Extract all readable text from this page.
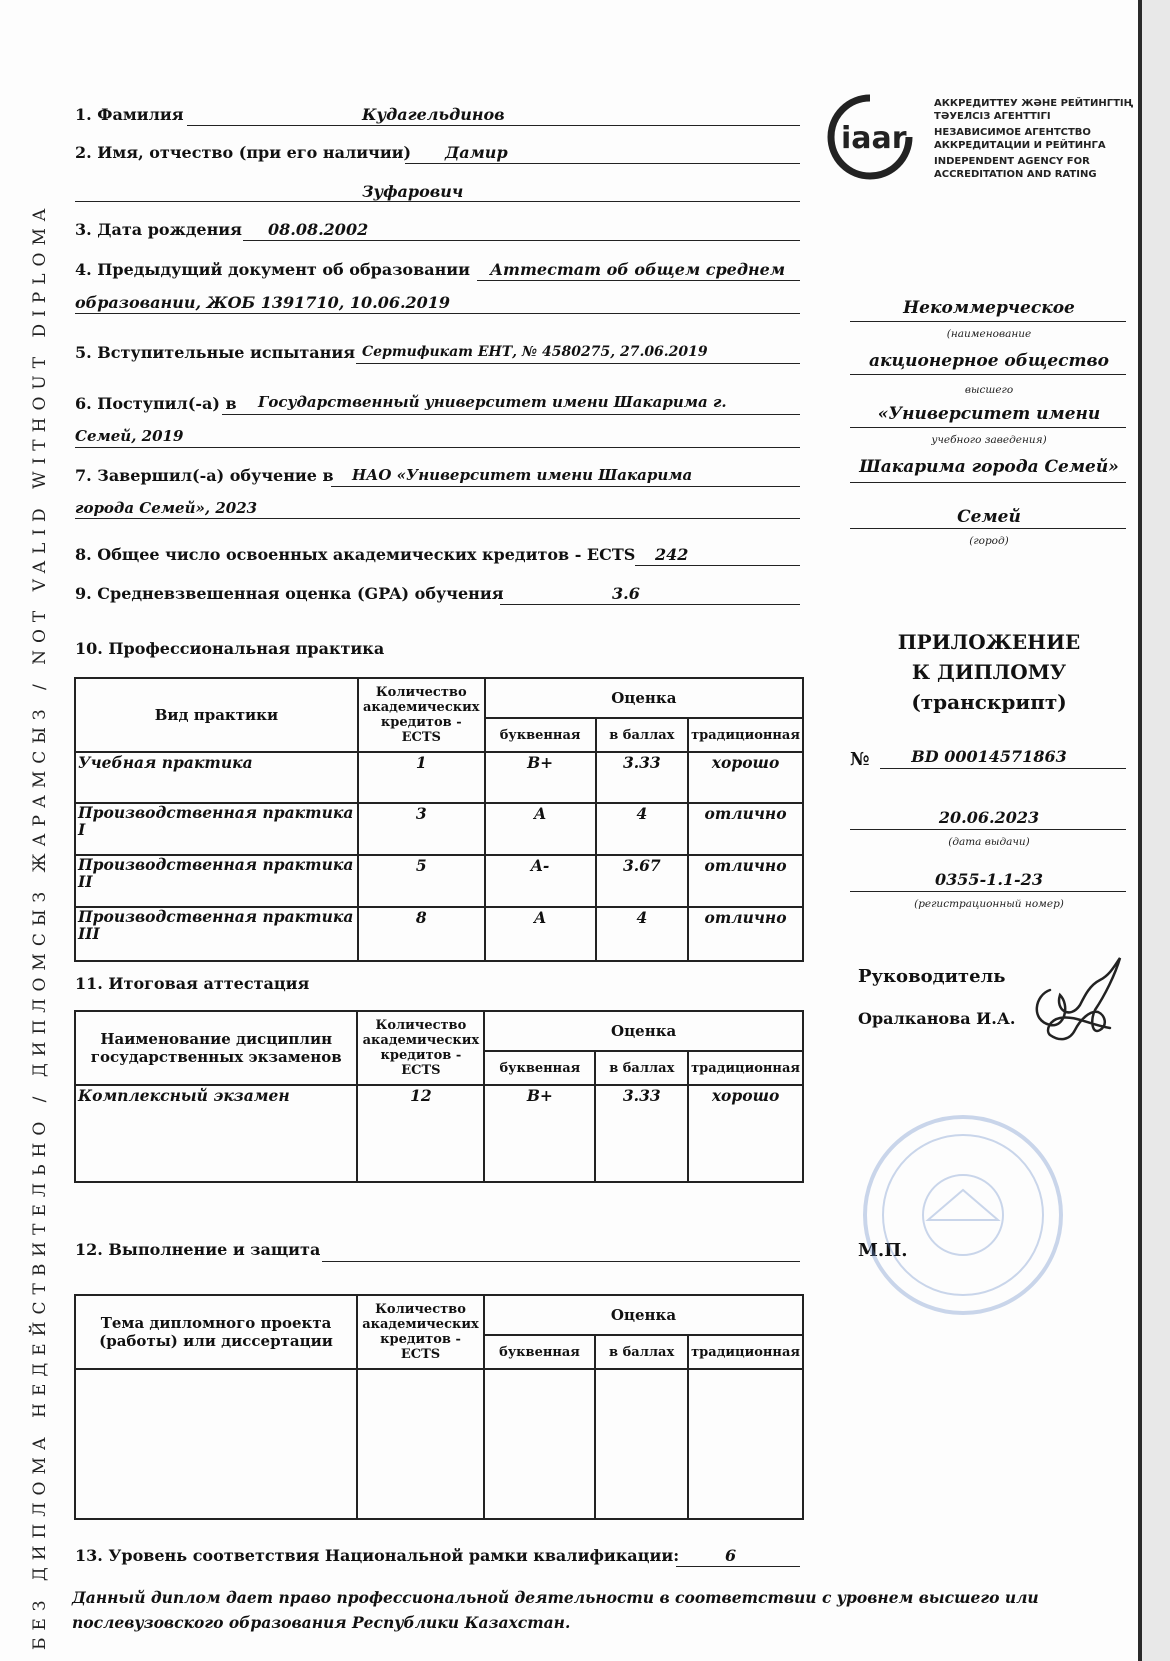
БЕЗ ДИПЛОМА НЕДЕЙСТВИТЕЛЬНО / ДИПЛОМСЫЗ ЖАРАМСЫЗ / NOT VALID WITHOUT DIPLOMA
iaar
АККРЕДИТТЕУ ЖӘНЕ РЕЙТИНГТІҢ
ТӘУЕЛСІЗ АГЕНТТІГІ
НЕЗАВИСИМОЕ АГЕНТСТВО
АККРЕДИТАЦИИ И РЕЙТИНГА
INDEPENDENT AGENCY FOR
ACCREDITATION AND RATING
1. Фамилия	Кудагельдинов
2. Имя, отчество (при его наличии) Дамир
Зуфарович
3. Дата рождения 08.08.2002
4. Предыдущий документ об образовании Аттестат об общем среднем
образовании, ЖОБ 1391710, 10.06.2019
5. Вступительные испытания Сертификат ЕНТ, № 4580275, 27.06.2019
6. Поступил(-а) в Государственный университет имени Шакарима г.
Семей, 2019
7. Завершил(-а) обучение в НАО «Университет имени Шакарима
города Семей», 2023
8. Общее число освоенных академических кредитов - ECTS 242
9. Средневзвешенная оценка (GPA) обучения	3.6
10. Профессиональная практика
Вид практики	Количество академических кредитов - ECTS	Оценка		
		буквенная	в баллах	традиционная
Учебная практика	1	B+	3.33	хорошо
Производственная практика I	3	A	4	отлично
Производственная практика II	5	A-	3.67	отлично
Производственная практика III	8	A	4	отлично
11. Итоговая аттестация
Наименование дисциплин государственных экзаменов	Количество академических кредитов - ECTS	Оценка		
		буквенная	в баллах	традиционная
Комплексный экзамен	12	B+	3.33	хорошо
12. Выполнение и защита
Тема дипломного проекта (работы) или диссертации	Количество академических кредитов - ECTS	Оценка		
		буквенная	в баллах	традиционная

13. Уровень соответствия Национальной рамки квалификации:	6
Данный диплом дает право профессиональной деятельности в соответствии с уровнем высшего или послевузовского образования Республики Казахстан.
Некоммерческое
(наименование
акционерное общество
высшего
«Университет имени
учебного заведения)
Шакарима города Семей»
Семей
(город)
ПРИЛОЖЕНИЕ
К ДИПЛОМУ
(транскрипт)
№	BD 00014571863
20.06.2023
(дата выдачи)
0355-1.1-23
(регистрационный номер)
Руководитель
Оралканова И.А.
М.П.
